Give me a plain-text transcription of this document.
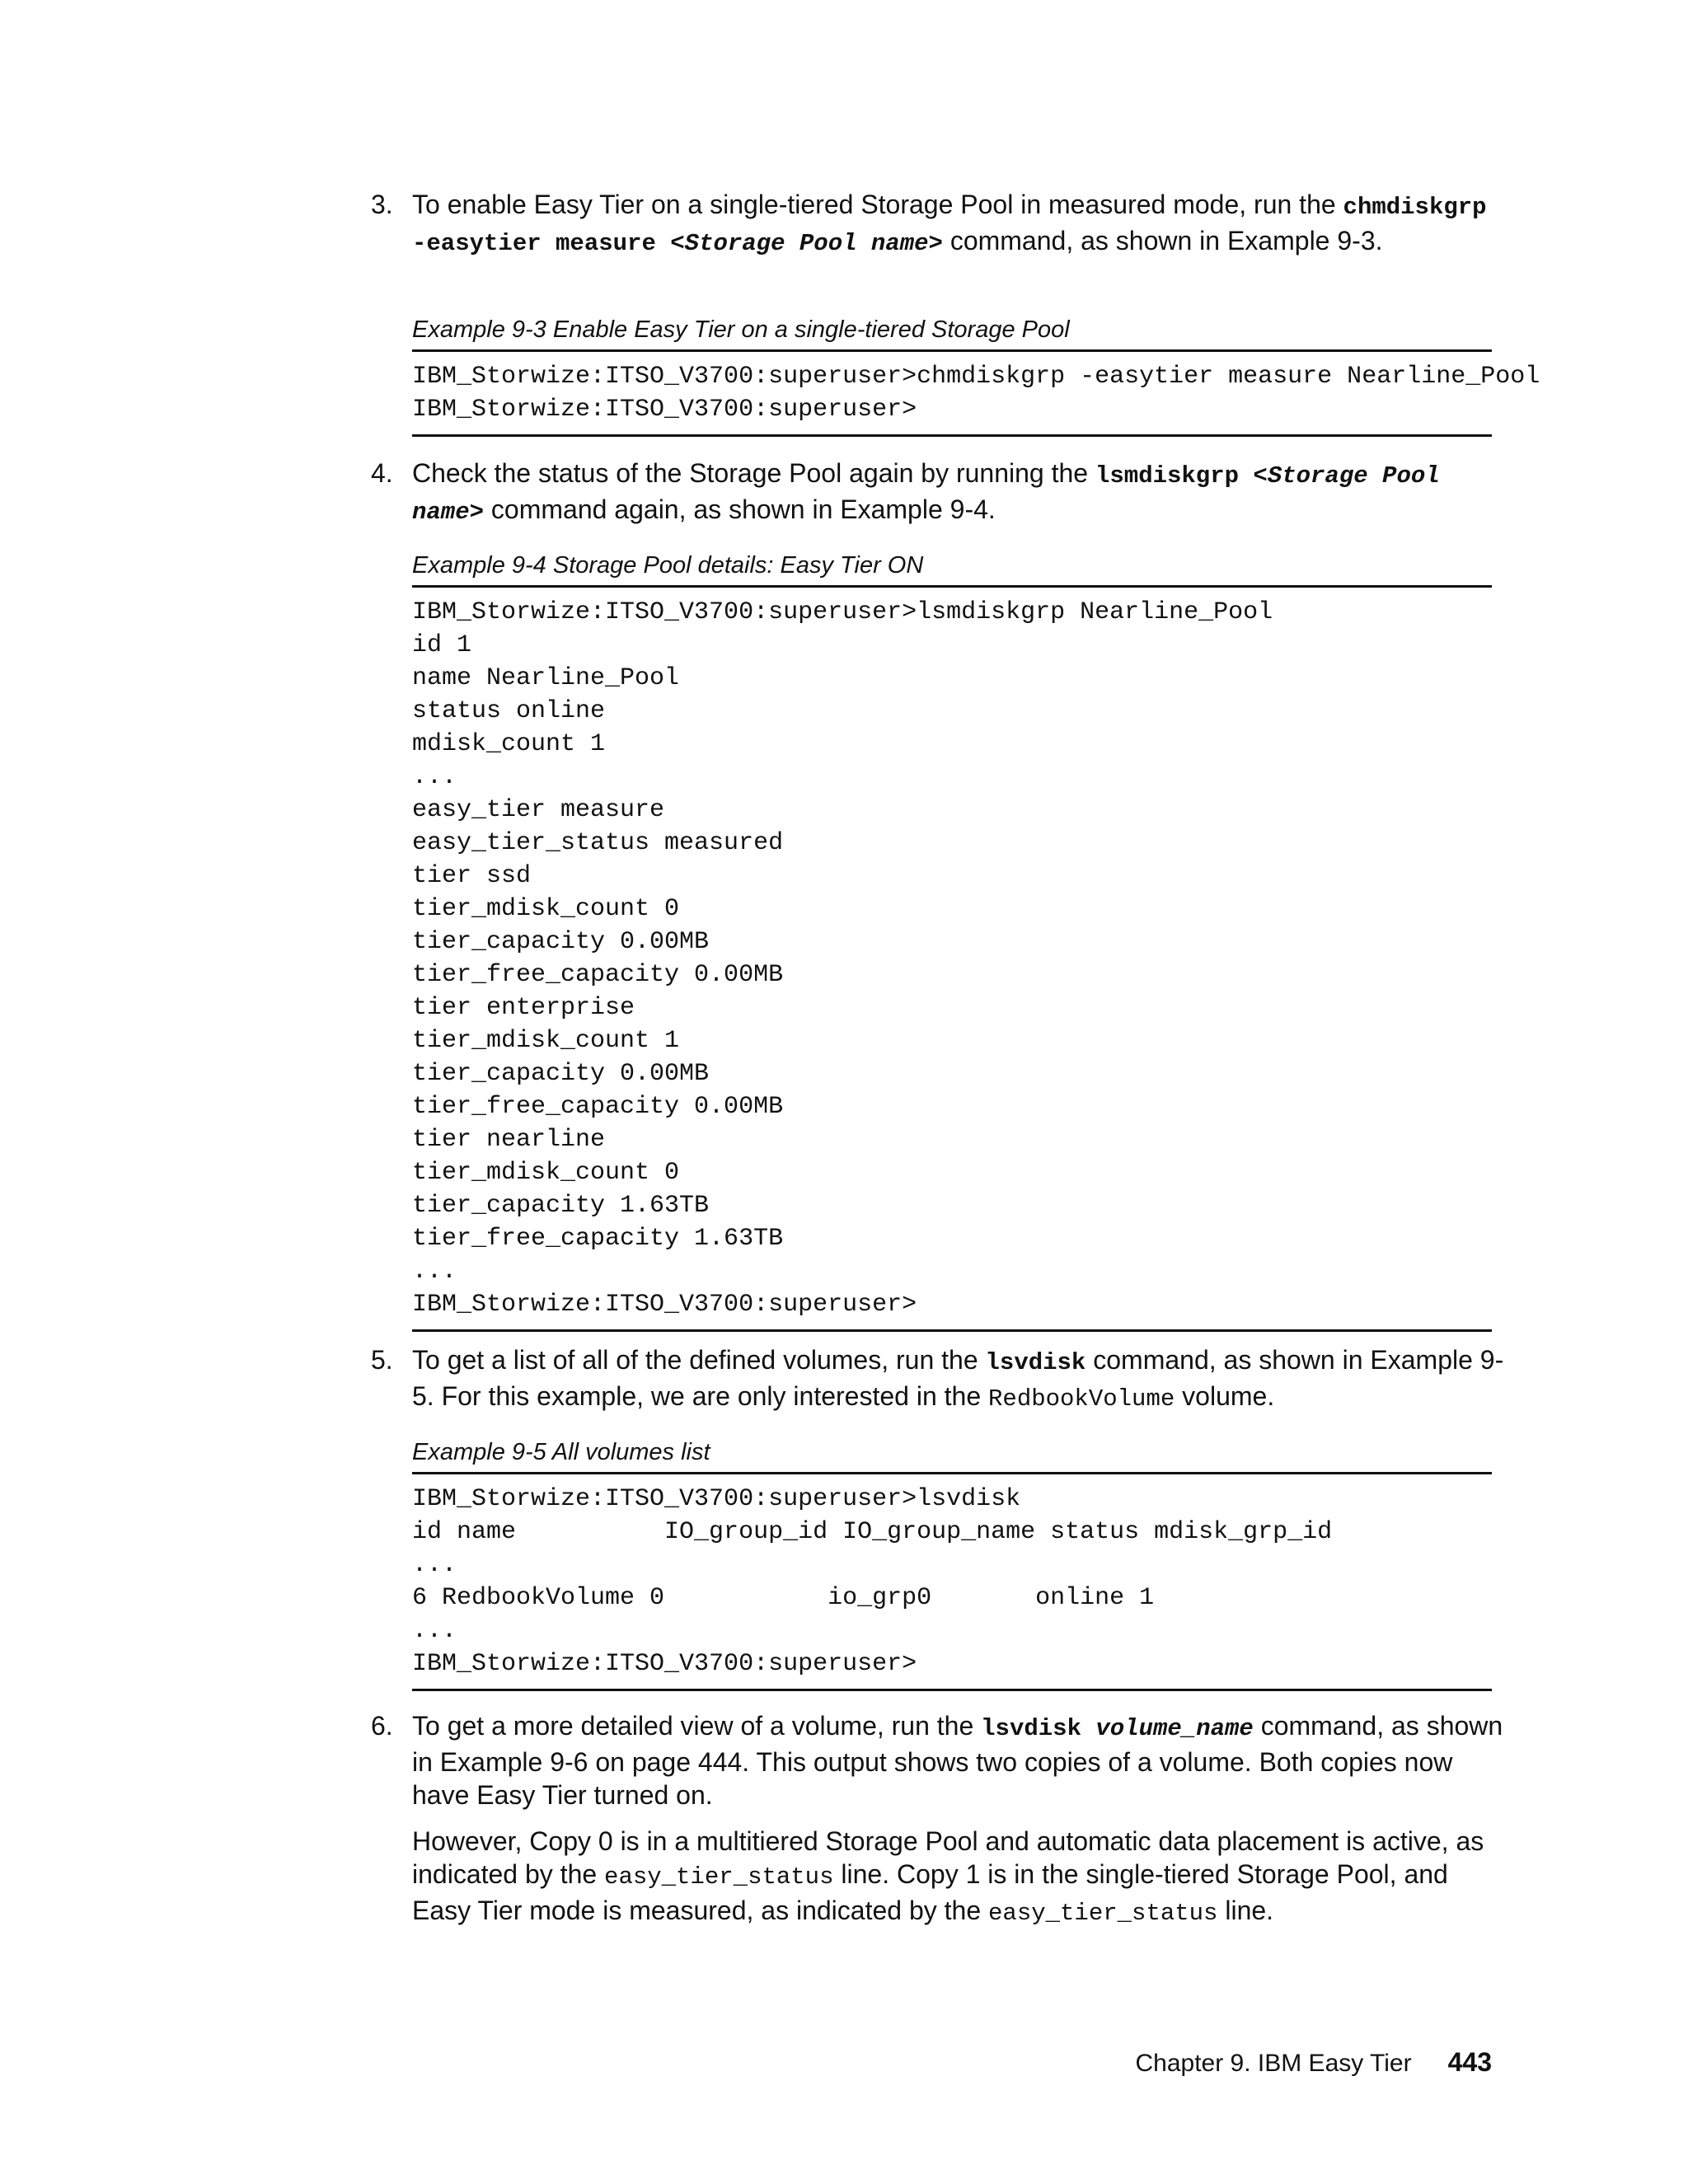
3. To enable Easy Tier on a single-tiered Storage Pool in measured mode, run the chmdiskgrp -easytier measure <Storage Pool name> command, as shown in Example 9-3.

Example 9-3 Enable Easy Tier on a single-tiered Storage Pool
IBM_Storwize:ITSO_V3700:superuser>chmdiskgrp -easytier measure Nearline_Pool
IBM_Storwize:ITSO_V3700:superuser>
4. Check the status of the Storage Pool again by running the lsmdiskgrp <Storage Pool name> command again, as shown in Example 9-4.

Example 9-4 Storage Pool details: Easy Tier ON
IBM_Storwize:ITSO_V3700:superuser>lsmdiskgrp Nearline_Pool
id 1
name Nearline_Pool
status online
mdisk_count 1
...
easy_tier measure
easy_tier_status measured
tier ssd
tier_mdisk_count 0
tier_capacity 0.00MB
tier_free_capacity 0.00MB
tier enterprise
tier_mdisk_count 1
tier_capacity 0.00MB
tier_free_capacity 0.00MB
tier nearline
tier_mdisk_count 0
tier_capacity 1.63TB
tier_free_capacity 1.63TB
...
IBM_Storwize:ITSO_V3700:superuser>
5. To get a list of all of the defined volumes, run the lsvdisk command, as shown in Example 9-5. For this example, we are only interested in the RedbookVolume volume.

Example 9-5 All volumes list
IBM_Storwize:ITSO_V3700:superuser>lsvdisk
id name          IO_group_id IO_group_name status mdisk_grp_id
...
6 RedbookVolume 0           io_grp0       online 1
...
IBM_Storwize:ITSO_V3700:superuser>
6. To get a more detailed view of a volume, run the lsvdisk volume_name command, as shown in Example 9-6 on page 444. This output shows two copies of a volume. Both copies now have Easy Tier turned on.

However, Copy 0 is in a multitiered Storage Pool and automatic data placement is active, as indicated by the easy_tier_status line. Copy 1 is in the single-tiered Storage Pool, and Easy Tier mode is measured, as indicated by the easy_tier_status line.

Chapter 9. IBM Easy Tier 443
